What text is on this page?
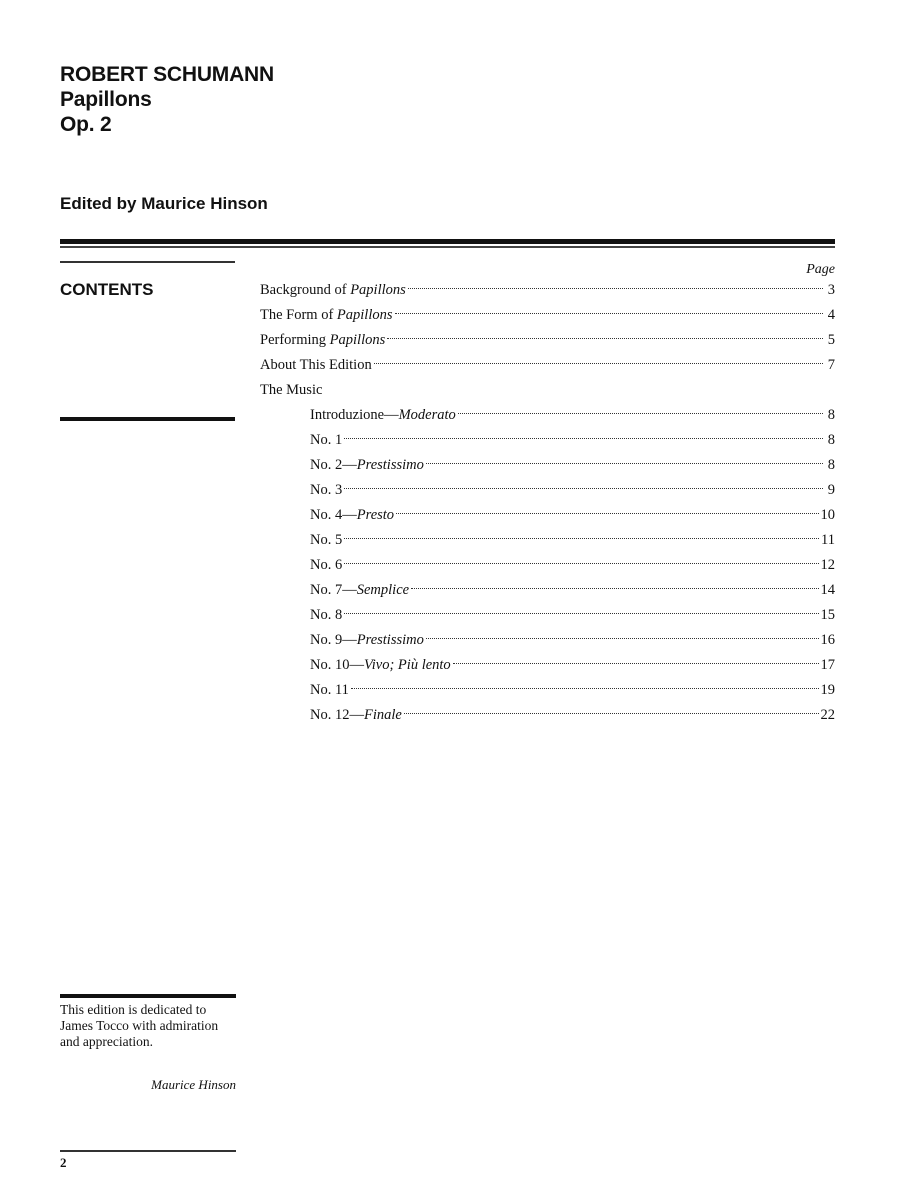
ROBERT SCHUMANN
Papillons
Op. 2
Edited by Maurice Hinson
CONTENTS
Page
Background of Papillons	3
The Form of Papillons	4
Performing Papillons	5
About This Edition	7
The Music
Introduzione—Moderato	8
No. 1	8
No. 2—Prestissimo	8
No. 3	9
No. 4—Presto	10
No. 5	11
No. 6	12
No. 7—Semplice	14
No. 8	15
No. 9—Prestissimo	16
No. 10—Vivo; Più lento	17
No. 11	19
No. 12—Finale	22
This edition is dedicated to James Tocco with admiration and appreciation.
Maurice Hinson
2
